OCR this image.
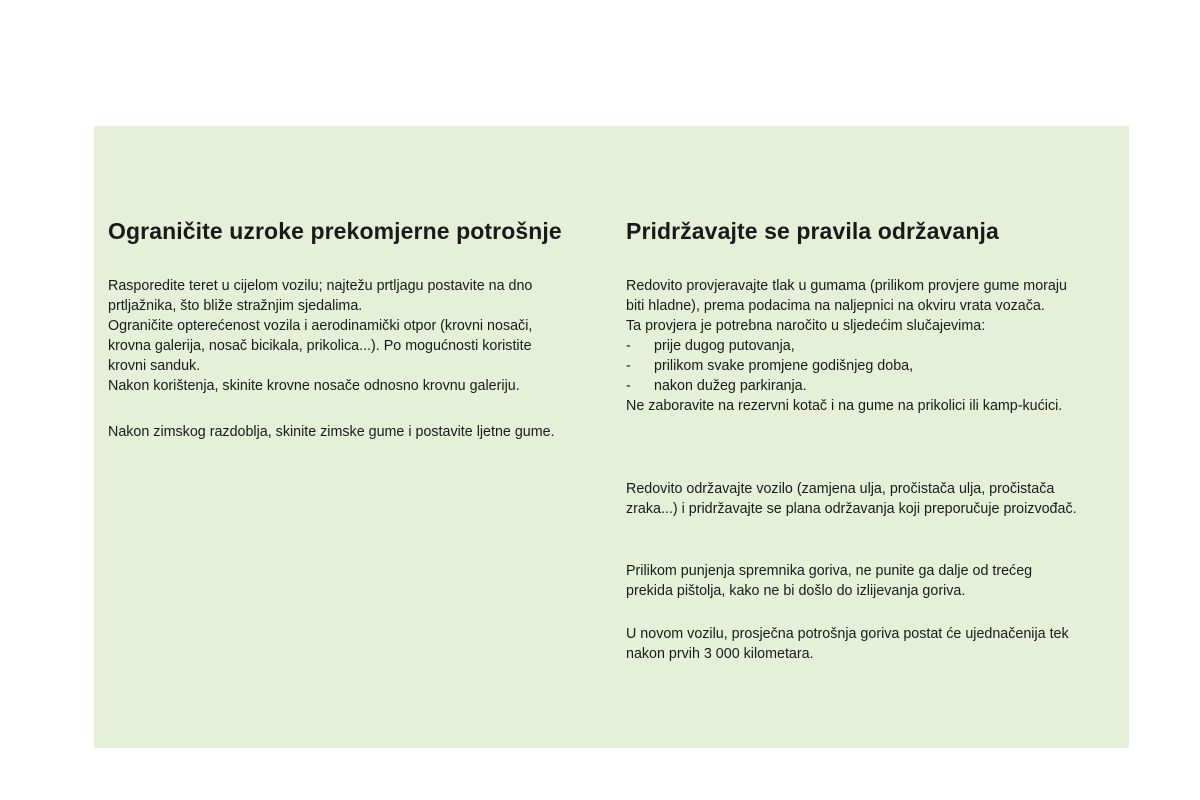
Ograničite uzroke prekomjerne potrošnje

Rasporedite teret u cijelom vozilu; najtežu prtljagu postavite na dno
prtljažnika, što bliže stražnjim sjedalima.
Ograničite opterećenost vozila i aerodinamički otpor (krovni nosači,
krovna galerija, nosač bicikala, prikolica...). Po mogućnosti koristite
krovni sanduk.
Nakon korištenja, skinite krovne nosače odnosno krovnu galeriju.

Nakon zimskog razdoblja, skinite zimske gume i postavite ljetne gume.

Pridržavajte se pravila održavanja
Redovito provjeravajte tlak u gumama (prilikom provjere gume moraju
biti hladne), prema podacima na naljepnici na okviru vrata vozača.
Ta provjera je potrebna naročito u sljedećim slučajevima:
- prije dugog putovanja,
- prilikom svake promjene godišnjeg doba,
- nakon dužeg parkiranja.
Ne zaboravite na rezervni kotač i na gume na prikolici ili kamp-kućici.

Redovito održavajte vozilo (zamjena ulja, pročistača ulja, pročistača
zraka...) i pridržavajte se plana održavanja koji preporučuje proizvođač.

Prilikom punjenja spremnika goriva, ne punite ga dalje od trećeg
prekida pištolja, kako ne bi došlo do izlijevanja goriva.

U novom vozilu, prosječna potrošnja goriva postat će ujednačenija tek
nakon prvih 3 000 kilometara.
